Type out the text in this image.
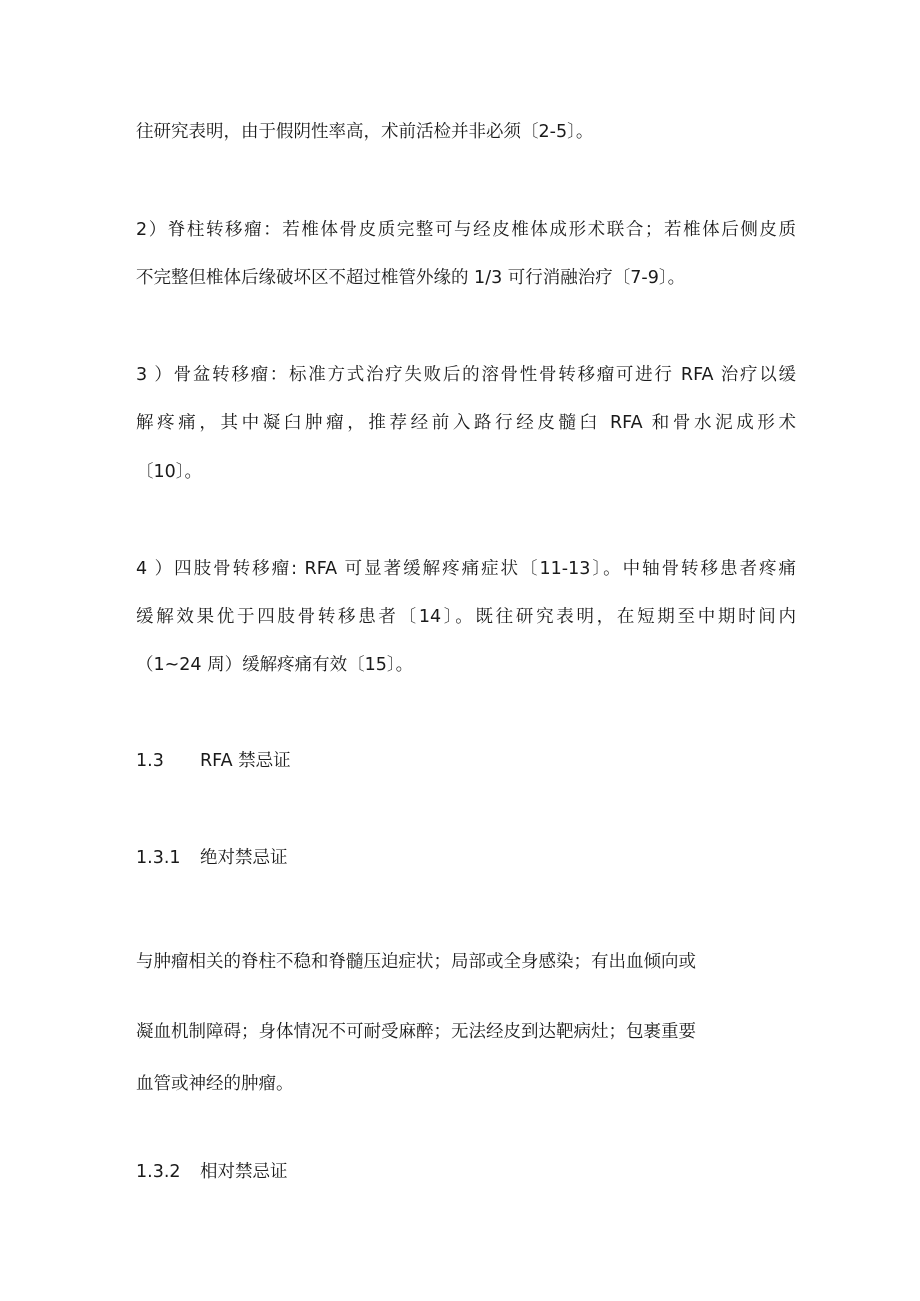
往研究表明，由于假阴性率高，术前活检并非必须〔2-5〕。
2）脊柱转移瘤：若椎体骨皮质完整可与经皮椎体成形术联合；若椎体后侧皮质
不完整但椎体后缘破坏区不超过椎管外缘的 1/3 可行消融治疗〔7-9〕。
3 ）骨盆转移瘤：标准方式治疗失败后的溶骨性骨转移瘤可进行 RFA 治疗以缓
解疼痛，其中凝臼肿瘤，推荐经前入路行经皮髓臼 RFA 和骨水泥成形术
〔10〕。
4 ）四肢骨转移瘤: RFA 可显著缓解疼痛症状〔11-13〕。中轴骨转移患者疼痛
缓解效果优于四肢骨转移患者〔14〕。既往研究表明，在短期至中期时间内
（1~24 周）缓解疼痛有效〔15〕。
1.3 RFA 禁忌证
1.3.1 绝对禁忌证
与肿瘤相关的脊柱不稳和脊髓压迫症状；局部或全身感染；有出血倾向或
凝血机制障碍；身体情况不可耐受麻醉；无法经皮到达靶病灶；包裹重要
血管或神经的肿瘤。
1.3.2 相对禁忌证
